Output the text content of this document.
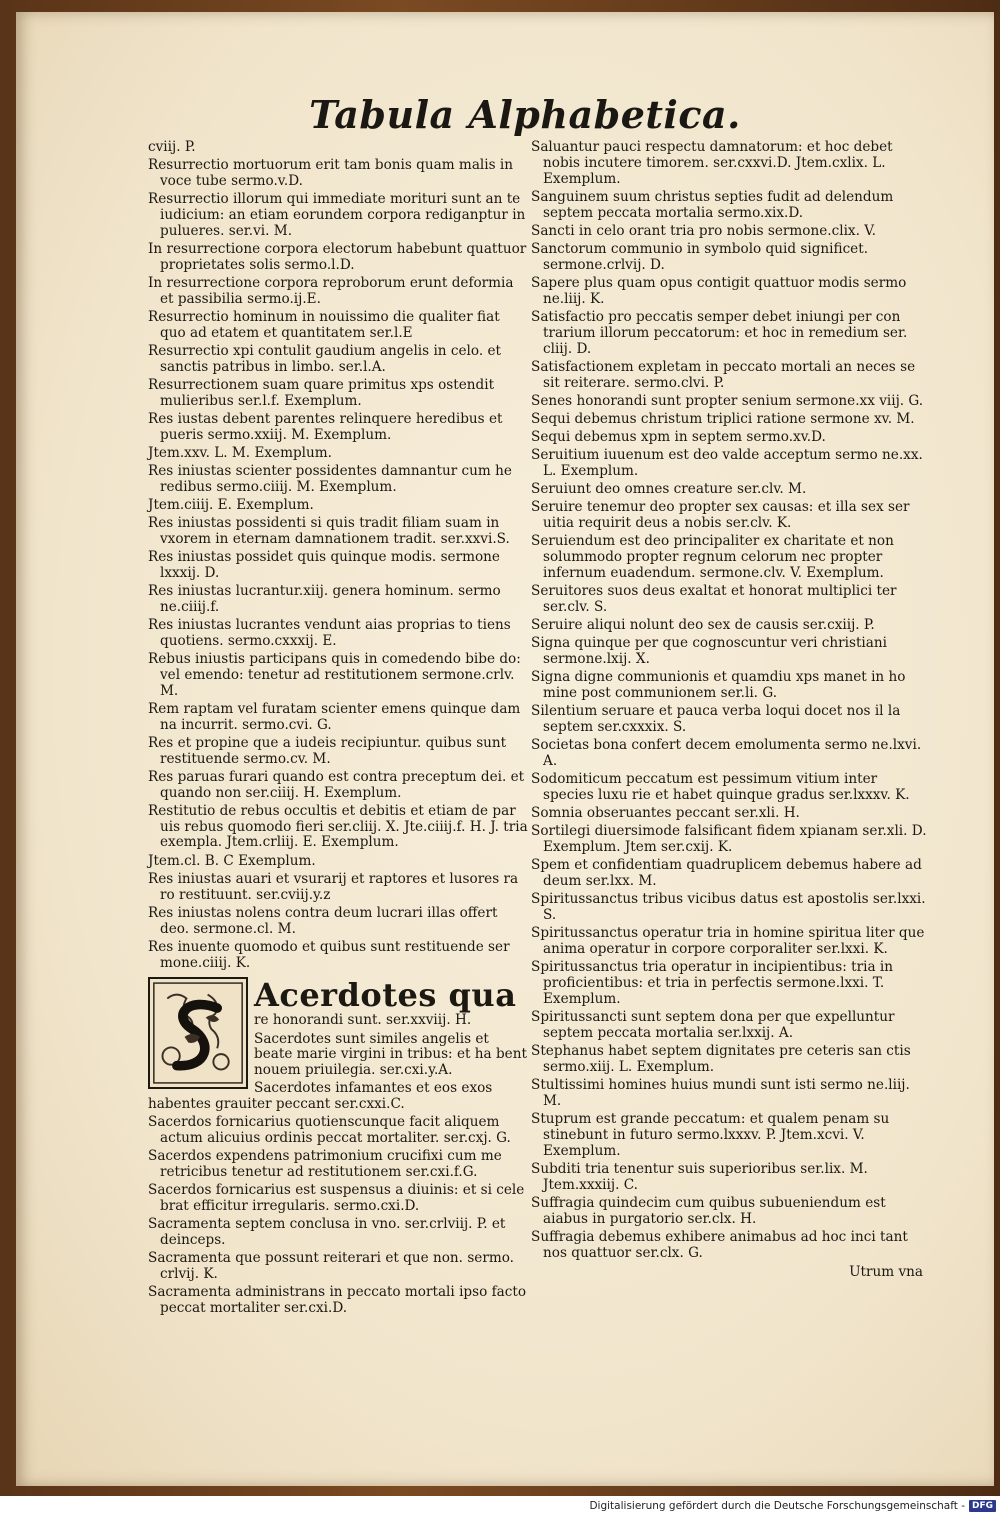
Tabula Alphabetica.

cviij. P.

Resurrectio mortuorum erit tam bonis quam malis in voce tube sermo.v.D.

Resurrectio illorum qui immediate morituri sunt an te iudicium: an etiam eorundem corpora rediganptur in pulueres. ser.vi. M.

In resurrectione corpora electorum habebunt quattuor proprietates solis sermo.l.D.

In resurrectione corpora reproborum erunt deformia et passibilia sermo.ij.E.

Resurrectio hominum in nouissimo die qualiter fiat quo ad etatem et quantitatem ser.l.E

Resurrectio xpi contulit gaudium angelis in celo. et sanctis patribus in limbo. ser.l.A.

Resurrectionem suam quare primitus xps ostendit mulieribus ser.l.f. Exemplum.

Res iustas debent parentes relinquere heredibus et pueris sermo.xxiij. M. Exemplum.

Jtem.xxv. L. M. Exemplum.

Res iniustas scienter possidentes damnantur cum he redibus sermo.ciiij. M. Exemplum.

Jtem.ciiij. E. Exemplum.

Res iniustas possidenti si quis tradit filiam suam in vxorem in eternam damnationem tradit. ser.xxvi.S.

Res iniustas possidet quis quinque modis. sermone lxxxij. D.

Res iniustas lucrantur.xiij. genera hominum. sermo ne.ciiij.f.

Res iniustas lucrantes vendunt aias proprias to tiens quotiens. sermo.cxxxij. E.

Rebus iniustis participans quis in comedendo bibe do: vel emendo: tenetur ad restitutionem sermone.crlv. M.

Rem raptam vel furatam scienter emens quinque dam na incurrit. sermo.cvi. G.

Res et propine que a iudeis recipiuntur. quibus sunt restituende sermo.cv. M.

Res paruas furari quando est contra preceptum dei. et quando non ser.ciiij. H. Exemplum.

Restitutio de rebus occultis et debitis et etiam de par uis rebus quomodo fieri ser.cliij. X. Jte.ciiij.f. H. J. tria exempla. Jtem.crliij. E. Exemplum.

Jtem.cl. B. C Exemplum.

Res iniustas auari et vsurarij et raptores et lusores ra ro restituunt. ser.cviij.y.z

Res iniustas nolens contra deum lucrari illas offert deo. sermone.cl. M.

Res inuente quomodo et quibus sunt restituende ser mone.ciiij. K.

Acerdotes qua

re honorandi sunt. ser.xxviij. H.

Sacerdotes sunt similes angelis et beate marie virgini in tribus: et ha bent nouem priuilegia. ser.cxi.y.A.

Sacerdotes infamantes et eos exos habentes grauiter peccant ser.cxxi.C.

Sacerdos fornicarius quotienscunque facit aliquem actum alicuius ordinis peccat mortaliter. ser.cxj. G.

Sacerdos expendens patrimonium crucifixi cum me retricibus tenetur ad restitutionem ser.cxi.f.G.

Sacerdos fornicarius est suspensus a diuinis: et si cele brat efficitur irregularis. sermo.cxi.D.

Sacramenta septem conclusa in vno. ser.crlviij. P. et deinceps.

Sacramenta que possunt reiterari et que non. sermo. crlvij. K.

Sacramenta administrans in peccato mortali ipso facto peccat mortaliter ser.cxi.D.

Saluantur pauci respectu damnatorum: et hoc debet nobis incutere timorem. ser.cxxvi.D. Jtem.cxlix. L. Exemplum.

Sanguinem suum christus septies fudit ad delendum septem peccata mortalia sermo.xix.D.

Sancti in celo orant tria pro nobis sermone.clix. V.

Sanctorum communio in symbolo quid significet. sermone.crlvij. D.

Sapere plus quam opus contigit quattuor modis sermo ne.liij. K.

Satisfactio pro peccatis semper debet iniungi per con trarium illorum peccatorum: et hoc in remedium ser. cliij. D.

Satisfactionem expletam in peccato mortali an neces se sit reiterare. sermo.clvi. P.

Senes honorandi sunt propter senium sermone.xx viij. G.

Sequi debemus christum triplici ratione sermone xv. M.

Sequi debemus xpm in septem sermo.xv.D.

Seruitium iuuenum est deo valde acceptum sermo ne.xx. L. Exemplum.

Seruiunt deo omnes creature ser.clv. M.

Seruire tenemur deo propter sex causas: et illa sex ser uitia requirit deus a nobis ser.clv. K.

Seruiendum est deo principaliter ex charitate et non solummodo propter regnum celorum nec propter infernum euadendum. sermone.clv. V. Exemplum.

Seruitores suos deus exaltat et honorat multiplici ter ser.clv. S.

Seruire aliqui nolunt deo sex de causis ser.cxiij. P.

Signa quinque per que cognoscuntur veri christiani sermone.lxij. X.

Signa digne communionis et quamdiu xps manet in ho mine post communionem ser.li. G.

Silentium seruare et pauca verba loqui docet nos il la septem ser.cxxxix. S.

Societas bona confert decem emolumenta sermo ne.lxvi. A.

Sodomiticum peccatum est pessimum vitium inter species luxu rie et habet quinque gradus ser.lxxxv. K.

Somnia obseruantes peccant ser.xli. H.

Sortilegi diuersimode falsificant fidem xpianam ser.xli. D. Exemplum. Jtem ser.cxij. K.

Spem et confidentiam quadruplicem debemus habere ad deum ser.lxx. M.

Spiritussanctus tribus vicibus datus est apostolis ser.lxxi. S.

Spiritussanctus operatur tria in homine spiritua liter que anima operatur in corpore corporaliter ser.lxxi. K.

Spiritussanctus tria operatur in incipientibus: tria in proficientibus: et tria in perfectis sermone.lxxi. T. Exemplum.

Spiritussancti sunt septem dona per que expelluntur septem peccata mortalia ser.lxxij. A.

Stephanus habet septem dignitates pre ceteris san ctis sermo.xiij. L. Exemplum.

Stultissimi homines huius mundi sunt isti sermo ne.liij. M.

Stuprum est grande peccatum: et qualem penam su stinebunt in futuro sermo.lxxxv. P. Jtem.xcvi. V. Exemplum.

Subditi tria tenentur suis superioribus ser.lix. M. Jtem.xxxiij. C.

Suffragia quindecim cum quibus subueniendum est aiabus in purgatorio ser.clx. H.

Suffragia debemus exhibere animabus ad hoc inci tant nos quattuor ser.clx. G.

Utrum vna

Digitalisierung gefördert durch die Deutsche Forschungsgemeinschaft - DFG
